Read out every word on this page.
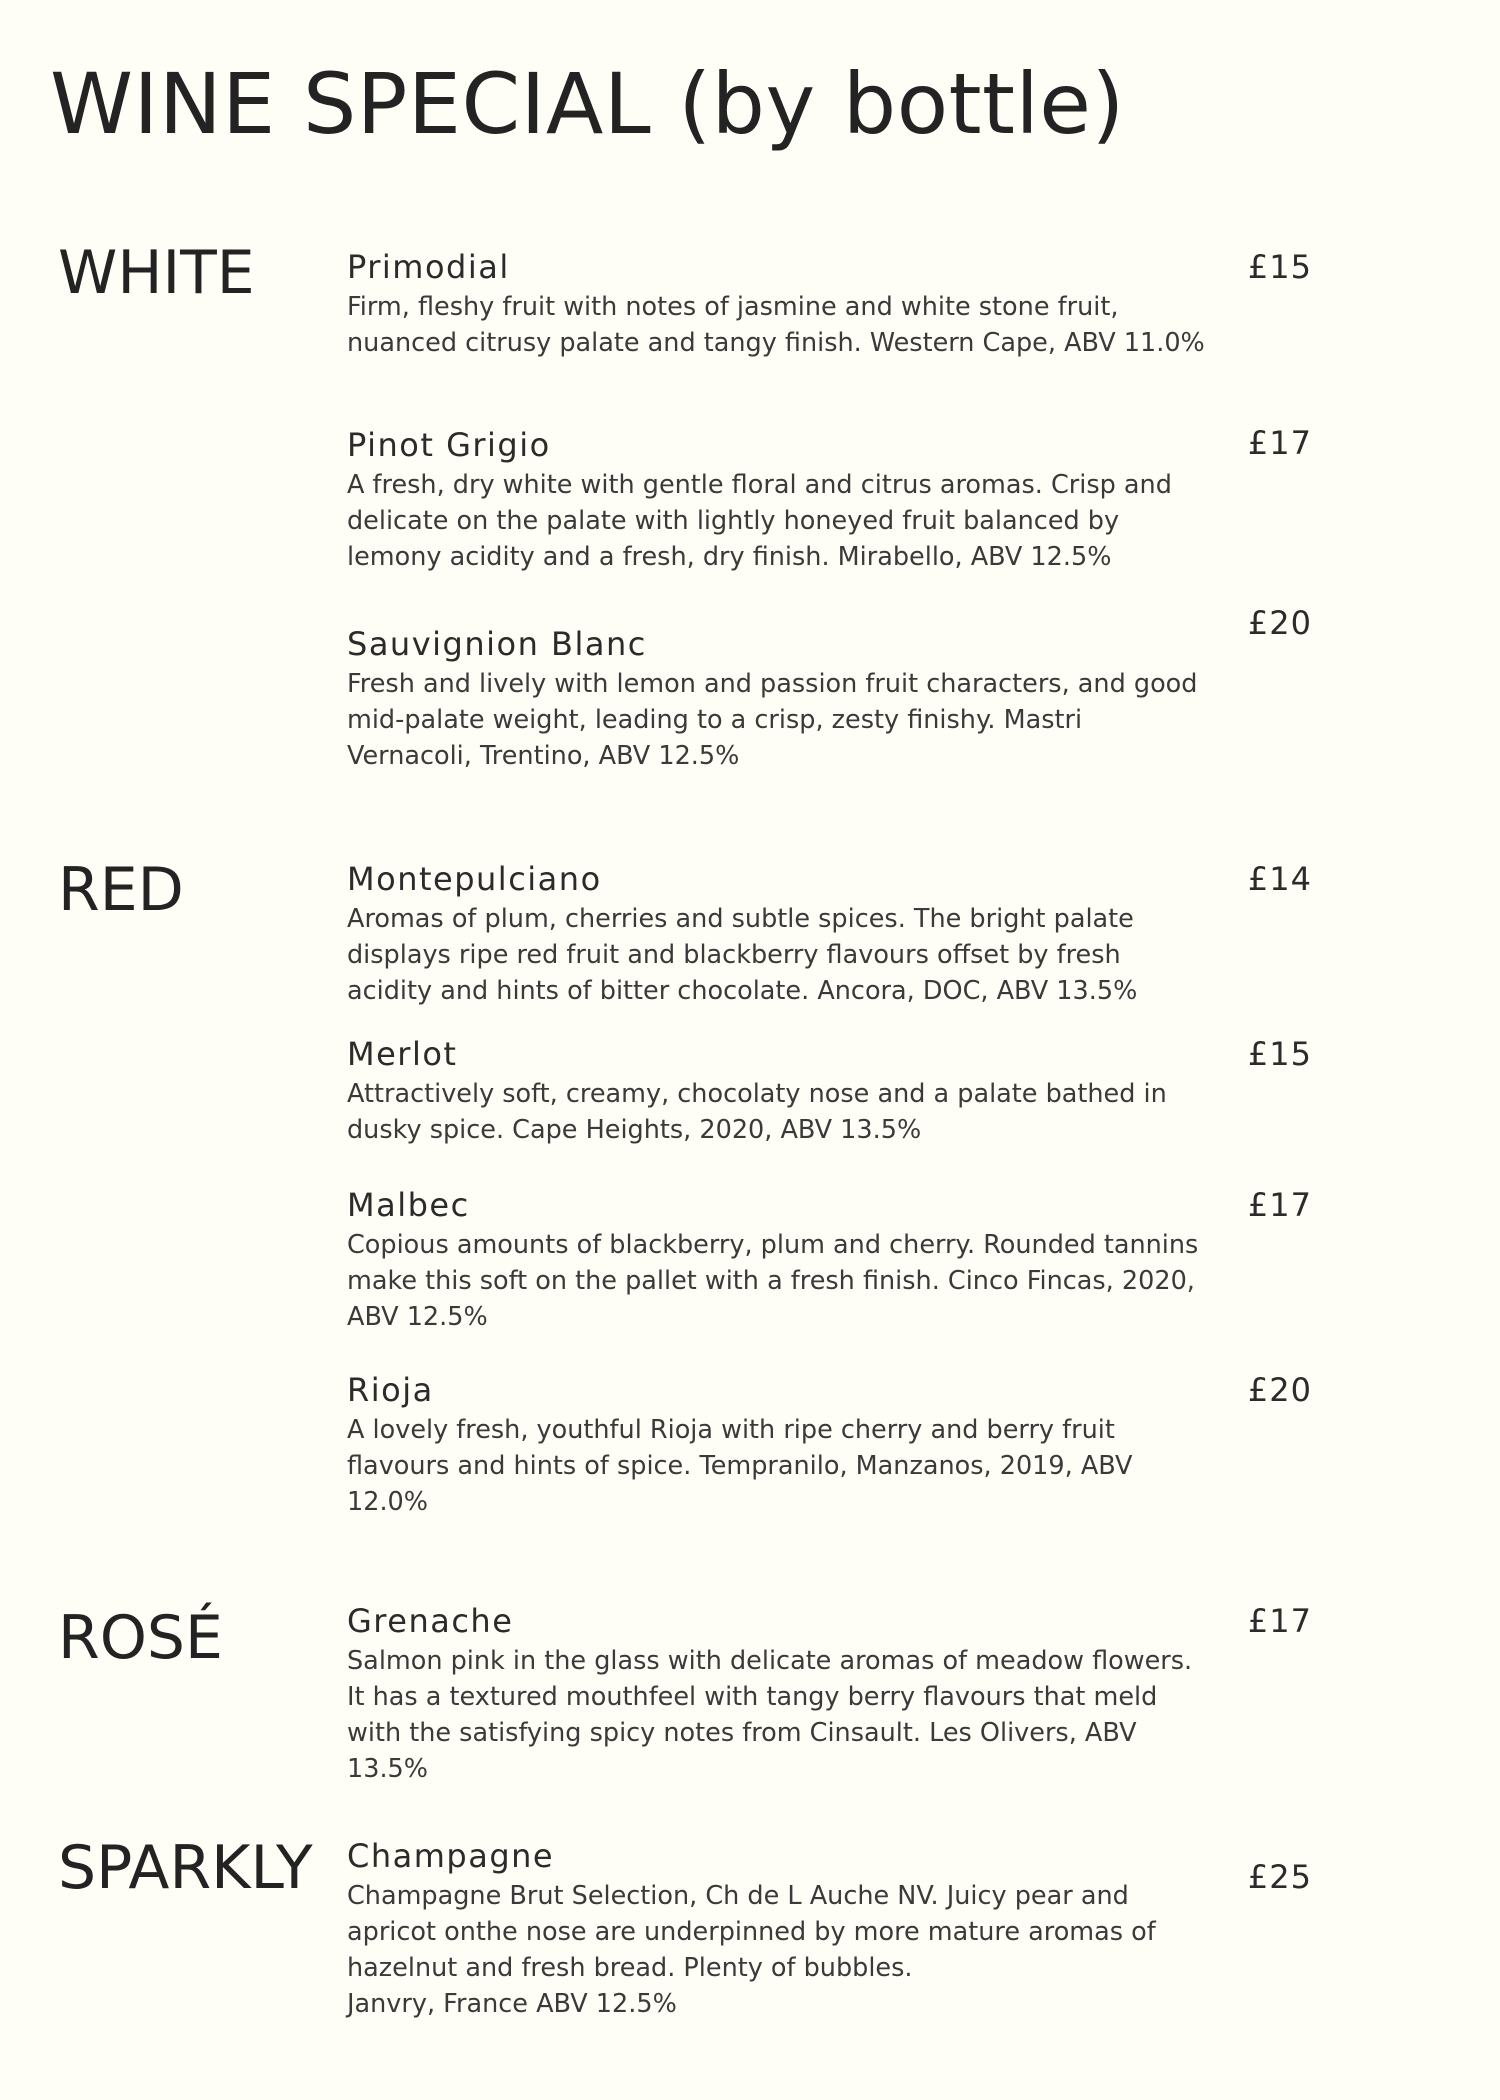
WINE SPECIAL (by bottle)
WHITE	Primodial

Firm, fleshy fruit with notes of jasmine and white stone fruit, nuanced citrusy palate and tangy finish. Western Cape, ABV 11.0%

£15
Pinot Grigio

A fresh, dry white with gentle floral and citrus aromas. Crisp and delicate on the palate with lightly honeyed fruit balanced by lemony acidity and a fresh, dry finish. Mirabello, ABV 12.5%

£17
Sauvignion Blanc

Fresh and lively with lemon and passion fruit characters, and good mid-palate weight, leading to a crisp, zesty finishy. Mastri Vernacoli, Trentino, ABV 12.5%

£20
RED	Montepulciano

Aromas of plum, cherries and subtle spices. The bright palate displays ripe red fruit and blackberry flavours offset by fresh acidity and hints of bitter chocolate. Ancora, DOC, ABV 13.5%

£14
Merlot

Attractively soft, creamy, chocolaty nose and a palate bathed in dusky spice. Cape Heights, 2020, ABV 13.5%

£15
Malbec

Copious amounts of blackberry, plum and cherry. Rounded tannins make this soft on the pallet with a fresh finish. Cinco Fincas, 2020, ABV 12.5%

£17
Rioja

A lovely fresh, youthful Rioja with ripe cherry and berry fruit flavours and hints of spice. Tempranilo, Manzanos, 2019, ABV 12.0%

£20
ROSÉ	Grenache

Salmon pink in the glass with delicate aromas of meadow flowers. It has a textured mouthfeel with tangy berry flavours that meld with the satisfying spicy notes from Cinsault. Les Olivers, ABV 13.5%

£17
SPARKLY Champagne

Champagne Brut Selection, Ch de L Auche NV. Juicy pear and apricot onthe nose are underpinned by more mature aromas of hazelnut and fresh bread. Plenty of bubbles.
Janvry, France ABV 12.5%

£25
